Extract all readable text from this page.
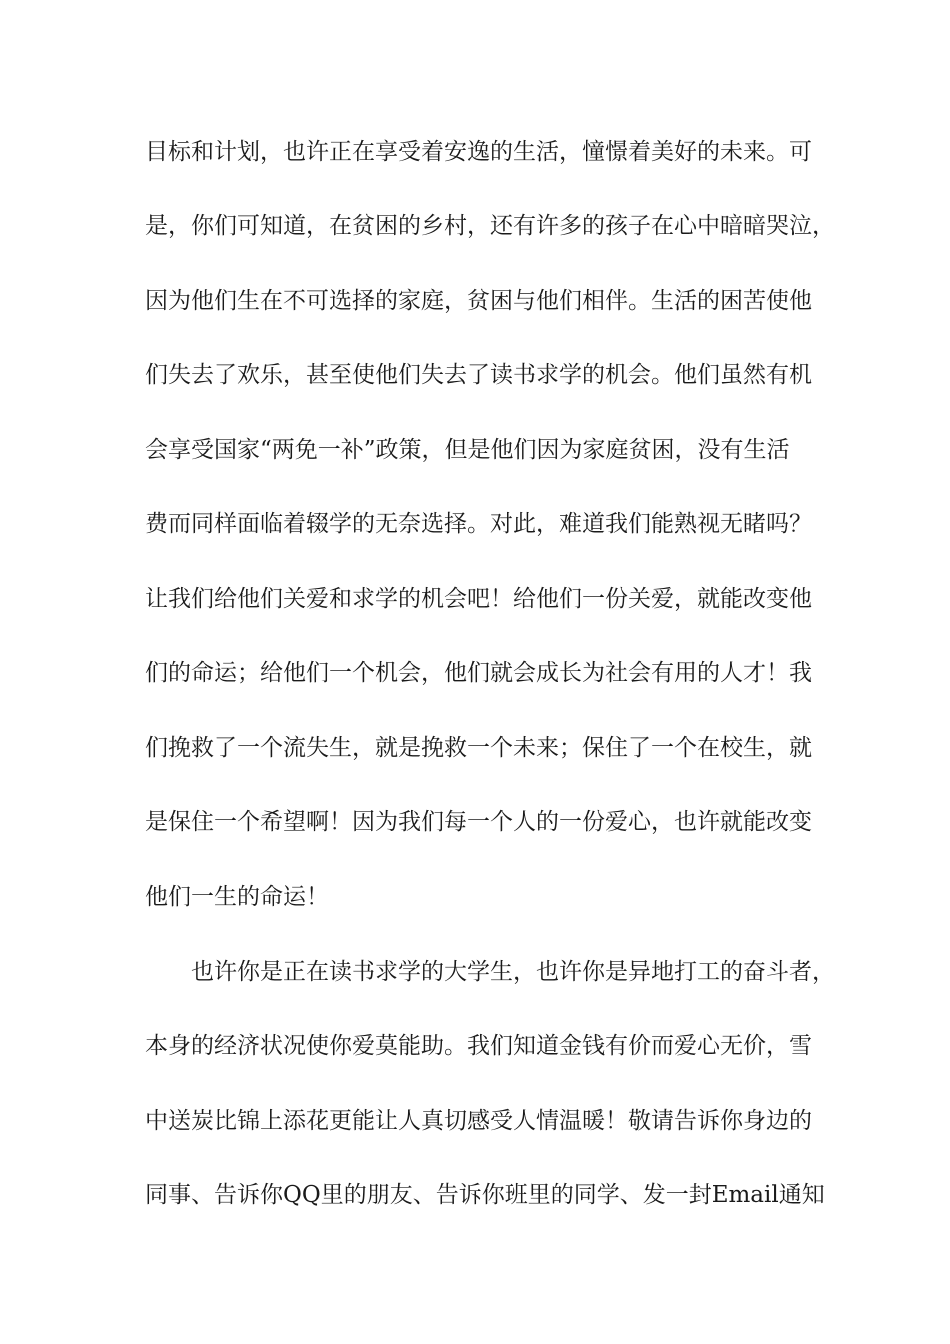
目标和计划，也许正在享受着安逸的生活，憧憬着美好的未来。可
是，你们可知道，在贫困的乡村，还有许多的孩子在心中暗暗哭泣，
因为他们生在不可选择的家庭，贫困与他们相伴。生活的困苦使他
们失去了欢乐，甚至使他们失去了读书求学的机会。他们虽然有机
会享受国家“两免一补”政策，但是他们因为家庭贫困，没有生活
费而同样面临着辍学的无奈选择。对此，难道我们能熟视无睹吗？
让我们给他们关爱和求学的机会吧！给他们一份关爱，就能改变他
们的命运；给他们一个机会，他们就会成长为社会有用的人才！我
们挽救了一个流失生，就是挽救一个未来；保住了一个在校生，就
是保住一个希望啊！因为我们每一个人的一份爱心，也许就能改变
他们一生的命运！
也许你是正在读书求学的大学生，也许你是异地打工的奋斗者，
本身的经济状况使你爱莫能助。我们知道金钱有价而爱心无价，雪
中送炭比锦上添花更能让人真切感受人情温暖！敬请告诉你身边的
同事、告诉你QQ里的朋友、告诉你班里的同学、发一封Email通知
